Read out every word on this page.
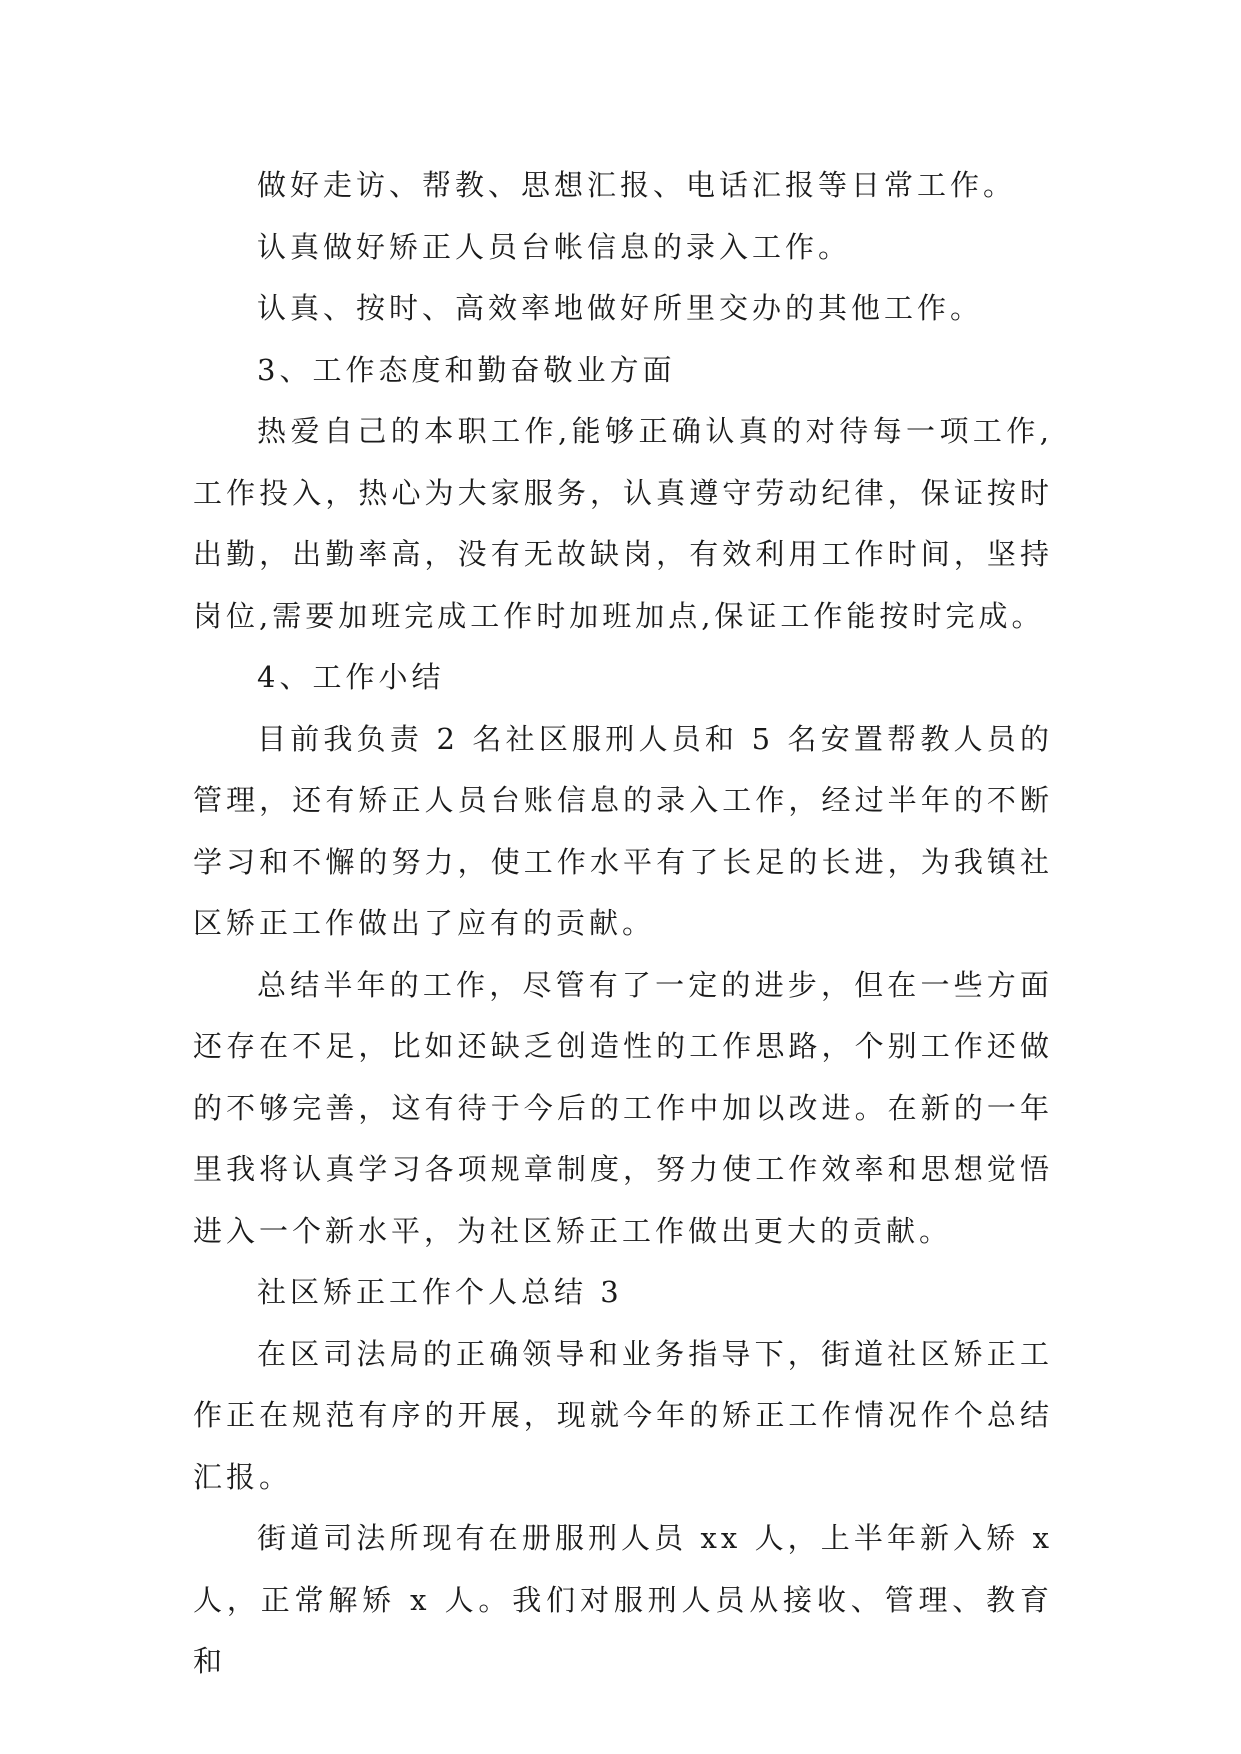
做好走访、帮教、思想汇报、电话汇报等日常工作。

认真做好矫正人员台帐信息的录入工作。

认真、按时、高效率地做好所里交办的其他工作。

3、工作态度和勤奋敬业方面

热爱自己的本职工作,能够正确认真的对待每一项工作,工作投入，热心为大家服务，认真遵守劳动纪律，保证按时出勤，出勤率高，没有无故缺岗，有效利用工作时间，坚持岗位,需要加班完成工作时加班加点,保证工作能按时完成。

4、工作小结

目前我负责 2 名社区服刑人员和 5 名安置帮教人员的管理，还有矫正人员台账信息的录入工作，经过半年的不断学习和不懈的努力，使工作水平有了长足的长进，为我镇社区矫正工作做出了应有的贡献。

总结半年的工作，尽管有了一定的进步，但在一些方面还存在不足，比如还缺乏创造性的工作思路，个别工作还做的不够完善，这有待于今后的工作中加以改进。在新的一年里我将认真学习各项规章制度，努力使工作效率和思想觉悟进入一个新水平，为社区矫正工作做出更大的贡献。

社区矫正工作个人总结 3

在区司法局的正确领导和业务指导下，街道社区矫正工作正在规范有序的开展，现就今年的矫正工作情况作个总结汇报。

街道司法所现有在册服刑人员 xx 人，上半年新入矫 x 人，正常解矫 x 人。我们对服刑人员从接收、管理、教育和
